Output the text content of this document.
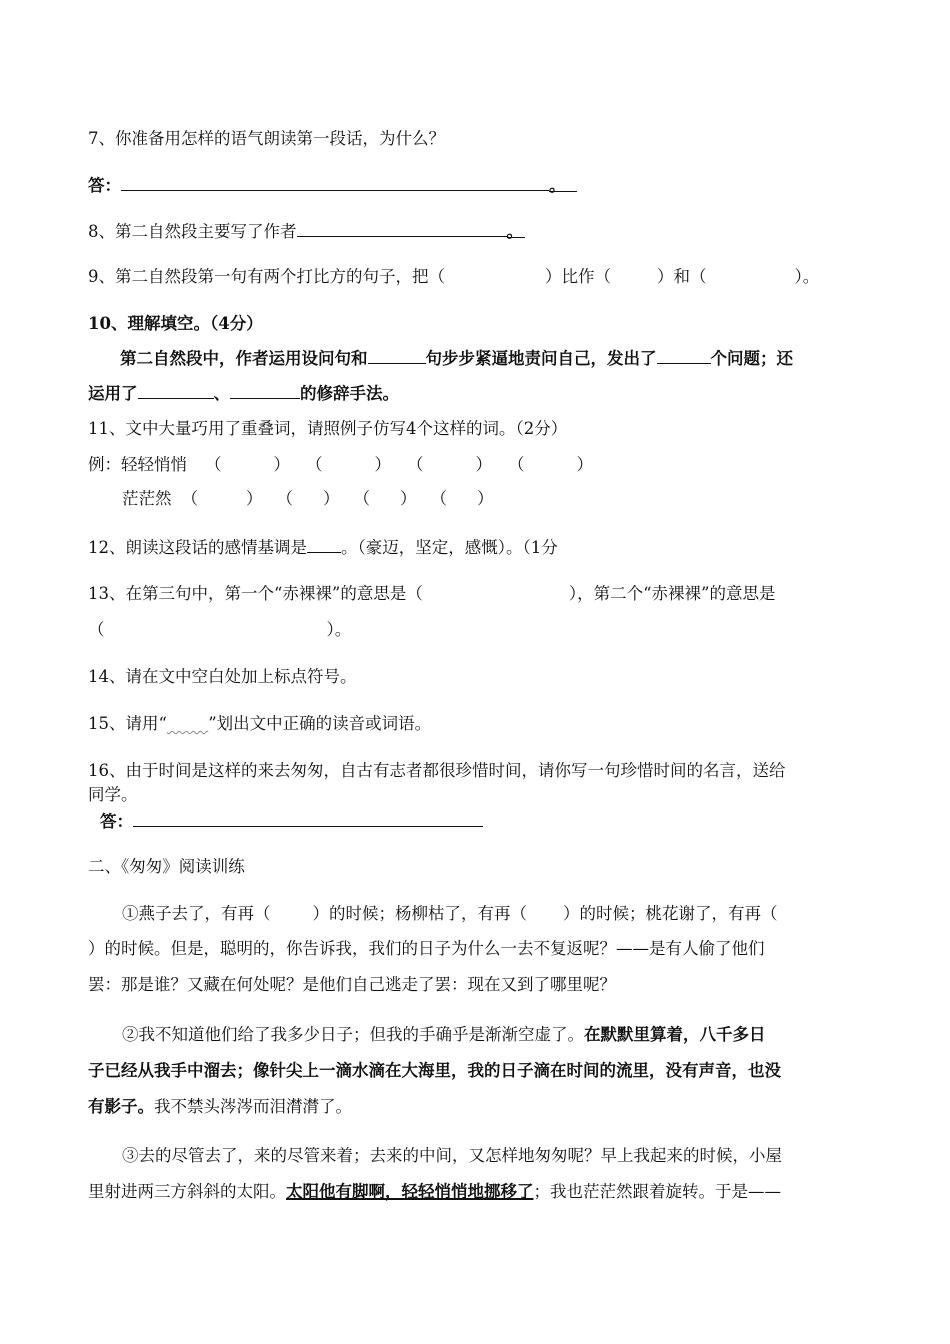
7、你准备用怎样的语气朗读第一段话，为什么？
答：	。
8、第二自然段主要写了作者	。
9、第二自然段第一句有两个打比方的句子，把（	）比作（	）和（	）。
10、理解填空。（4分）
第二自然段中，作者运用设问句和	句步步紧逼地责问自己，发出了	个问题；还
运用了	、	的修辞手法。
11、文中大量巧用了重叠词，请照例子仿写4个这样的词。（2分）
例：轻轻悄悄 （	） （	） （	） （	）
茫茫然 （	） （ ） （ ） （ ）
12、朗读这段话的感情基调是 。（豪迈，坚定，感慨）。（1分
13、在第三句中，第一个“赤裸裸”的意思是（	），第二个“赤裸裸”的意思是
（	）。
14、请在文中空白处加上标点符号。
15、请用“	”划出文中正确的读音或词语。
16、由于时间是这样的来去匆匆，自古有志者都很珍惜时间，请你写一句珍惜时间的名言，送给
同学。
答：
二、《匆匆》阅读训练
①燕子去了，有再（	）的时候；杨柳枯了，有再（ ）的时候；桃花谢了，有再（
）的时候。但是，聪明的，你告诉我，我们的日子为什么一去不复返呢？——是有人偷了他们
罢：那是谁？又藏在何处呢？是他们自己逃走了罢：现在又到了哪里呢？
②我不知道他们给了我多少日子；但我的手确乎是渐渐空虚了。在默默里算着，八千多日
子已经从我手中溜去；像针尖上一滴水滴在大海里，我的日子滴在时间的流里，没有声音，也没
有影子。我不禁头涔涔而泪潸潸了。
③去的尽管去了，来的尽管来着；去来的中间，又怎样地匆匆呢？早上我起来的时候，小屋
里射进两三方斜斜的太阳。太阳他有脚啊，轻轻悄悄地挪移了；我也茫茫然跟着旋转。于是——
